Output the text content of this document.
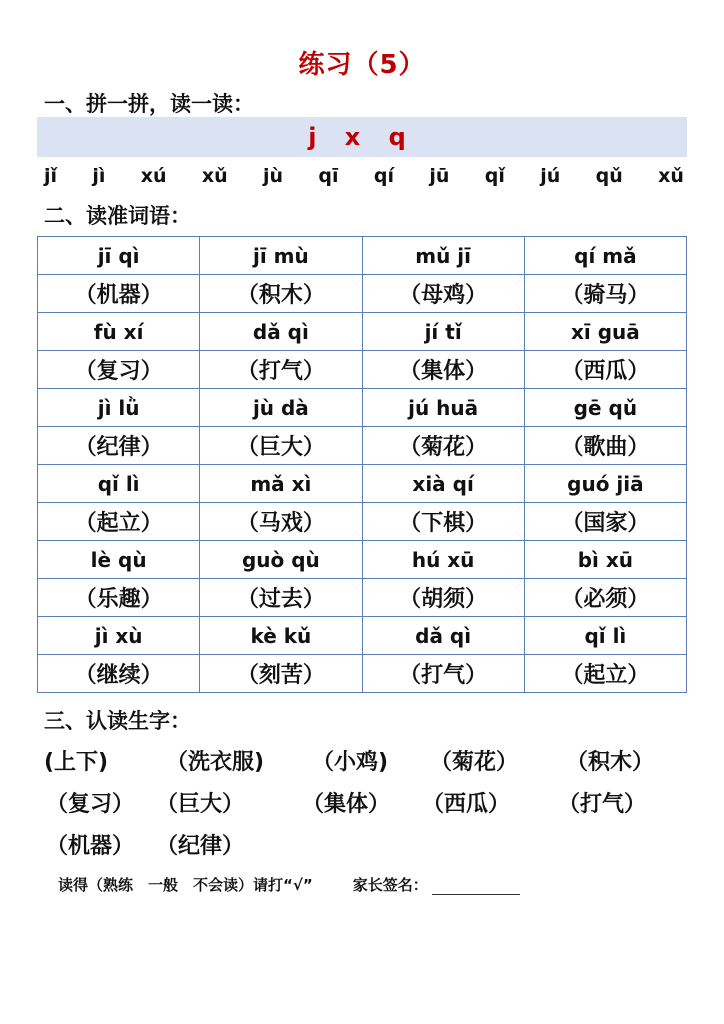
练习（5）
一、拼一拼，读一读：
j x q
jǐ jì xú xǔ jù qī qí jū qǐ jú qǔ xǔ
二、读准词语：
jī qì	jī mù	mǔ jī	qí mǎ
（机器）	（积木）	（母鸡）	（骑马）
fù xí	dǎ qì	jí tǐ	xī guā
（复习）	（打气）	（集体）	（西瓜）
jì lǜ	jù dà	jú huā	gē qǔ
（纪律）	（巨大）	（菊花）	（歌曲）
qǐ lì	mǎ xì	xià qí	guó jiā
（起立）	（马戏）	（下棋）	（国家）
lè qù	guò qù	hú xū	bì xū
（乐趣）	（过去）	（胡须）	（必须）
jì xù	kè kǔ	dǎ qì	qǐ lì
（继续）	（刻苦）	（打气）	（起立）
三、认读生字：
(上下)	（洗衣服)	（小鸡)	（菊花）	（积木）
（复习） （巨大）	（集体）	（西瓜）	（打气）
（机器） （纪律）
读得（熟练　一般　不会读）请打“√”	家长签名：
